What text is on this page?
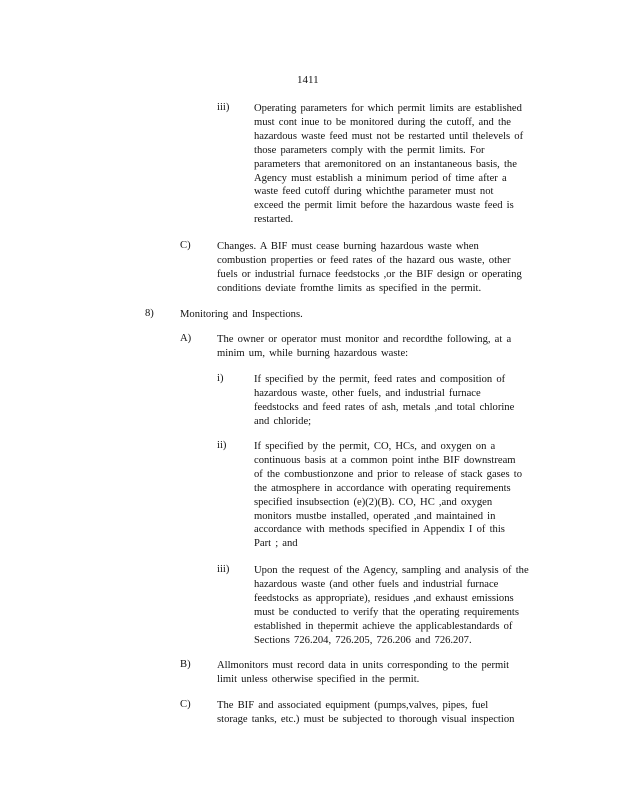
1411
iii) Operating parameters for which permit limits are established
must cont inue to be monitored during the cutoff, and the
hazardous waste feed must not be restarted until thelevels of
those parameters comply with the permit limits. For
parameters that aremonitored on an instantaneous basis, the
Agency must establish a minimum period of time after a
waste feed cutoff during whichthe parameter must not
exceed the permit limit before the hazardous waste feed is
restarted.
C) Changes. A BIF must cease burning hazardous waste when
combustion properties or feed rates of the hazard ous waste, other
fuels or industrial furnace feedstocks ,or the BIF design or operating
conditions deviate fromthe limits as specified in the permit.
8) Monitoring and Inspections.
A) The owner or operator must monitor and recordthe following, at a
minim um, while burning hazardous waste:
i)	If specified by the permit, feed rates and composition of
hazardous waste, other fuels, and industrial furnace
feedstocks and feed rates of ash, metals ,and total chlorine
and chloride;
ii)	If specified by the permit, CO, HCs, and oxygen on a
continuous basis at a common point inthe BIF downstream
of the combustionzone and prior to release of stack gases to
the atmosphere in accordance with operating requirements
specified insubsection (e)(2)(B). CO, HC ,and oxygen
monitors mustbe installed, operated ,and maintained in
accordance with methods specified in Appendix I of this
Part ; and
iii) Upon the request of the Agency, sampling and analysis of the
hazardous waste (and other fuels and industrial furnace
feedstocks as appropriate), residues ,and exhaust emissions
must be conducted to verify that the operating requirements
established in thepermit achieve the applicablestandards of
Sections 726.204, 726.205, 726.206 and 726.207.
B) Allmonitors must record data in units corresponding to the permit
limit unless otherwise specified in the permit.
C) The BIF and associated equipment (pumps,valves, pipes, fuel
storage tanks, etc.) must be subjected to thorough visual inspection
